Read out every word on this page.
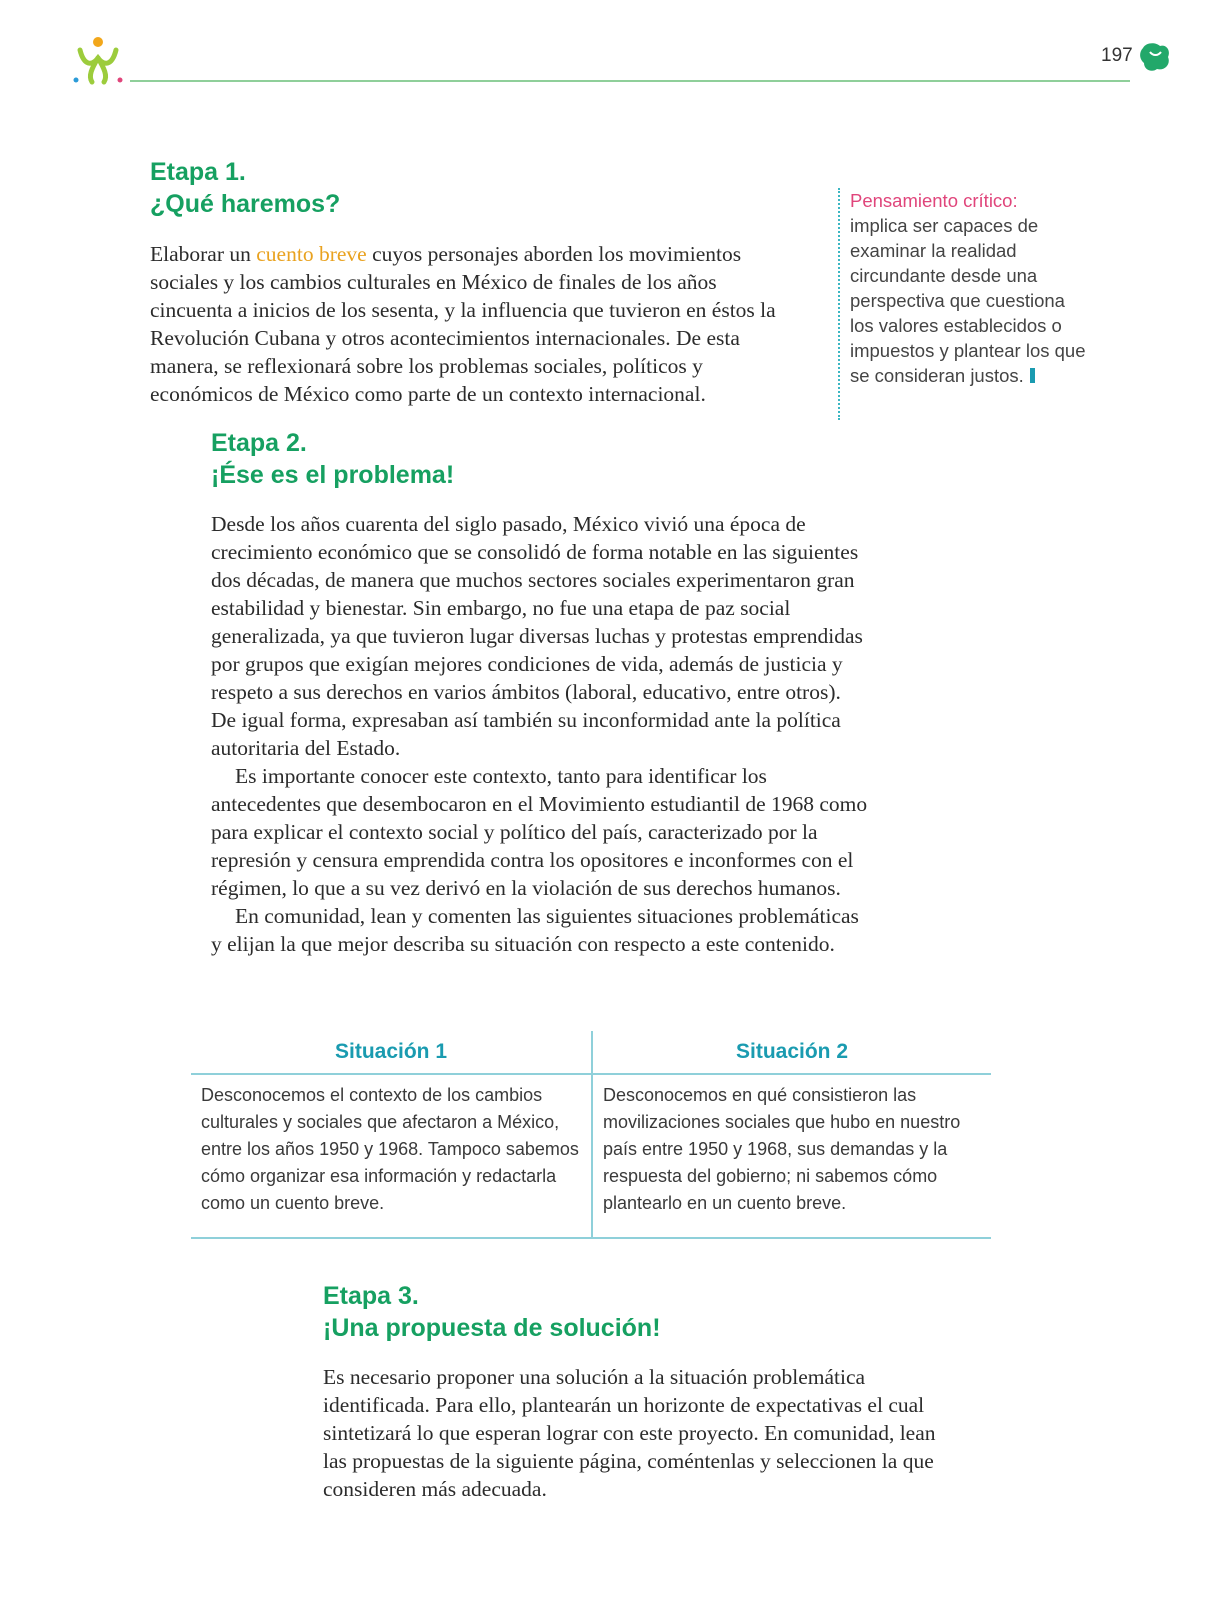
197
Etapa 1.
¿Qué haremos?

Elaborar un cuento breve cuyos personajes aborden los movimientos sociales y los cambios culturales en México de finales de los años cincuenta a inicios de los sesenta, y la influencia que tuvieron en éstos la Revolución Cubana y otros acontecimientos internacionales. De esta manera, se reflexionará sobre los problemas sociales, políticos y económicos de México como parte de un contexto internacional.

Pensamiento crítico:
implica ser capaces de examinar la realidad circundante desde una perspectiva que cuestiona los valores establecidos o impuestos y plantear los que se consideran justos.
Etapa 2.
¡Ése es el problema!

Desde los años cuarenta del siglo pasado, México vivió una época de crecimiento económico que se consolidó de forma notable en las siguientes dos décadas, de manera que muchos sectores sociales experimentaron gran estabilidad y bienestar. Sin embargo, no fue una etapa de paz social generalizada, ya que tuvieron lugar diversas luchas y protestas emprendidas por grupos que exigían mejores condiciones de vida, además de justicia y respeto a sus derechos en varios ámbitos (laboral, educativo, entre otros). De igual forma, expresaban así también su inconformidad ante la política autoritaria del Estado.

Es importante conocer este contexto, tanto para identificar los antecedentes que desembocaron en el Movimiento estudiantil de 1968 como para explicar el contexto social y político del país, caracterizado por la represión y censura emprendida contra los opositores e inconformes con el régimen, lo que a su vez derivó en la violación de sus derechos humanos.

En comunidad, lean y comenten las siguientes situaciones problemáticas y elijan la que mejor describa su situación con respecto a este contenido.

Situación 1
Desconocemos el contexto de los cambios culturales y sociales que afectaron a México, entre los años 1950 y 1968. Tampoco sabemos cómo organizar esa información y redactarla como un cuento breve.
Situación 2
Desconocemos en qué consistieron las movilizaciones sociales que hubo en nuestro país entre 1950 y 1968, sus demandas y la respuesta del gobierno; ni sabemos cómo plantearlo en un cuento breve.
Etapa 3.
¡Una propuesta de solución!

Es necesario proponer una solución a la situación problemática identificada. Para ello, plantearán un horizonte de expectativas el cual sintetizará lo que esperan lograr con este proyecto. En comunidad, lean las propuestas de la siguiente página, coméntenlas y seleccionen la que consideren más adecuada.
